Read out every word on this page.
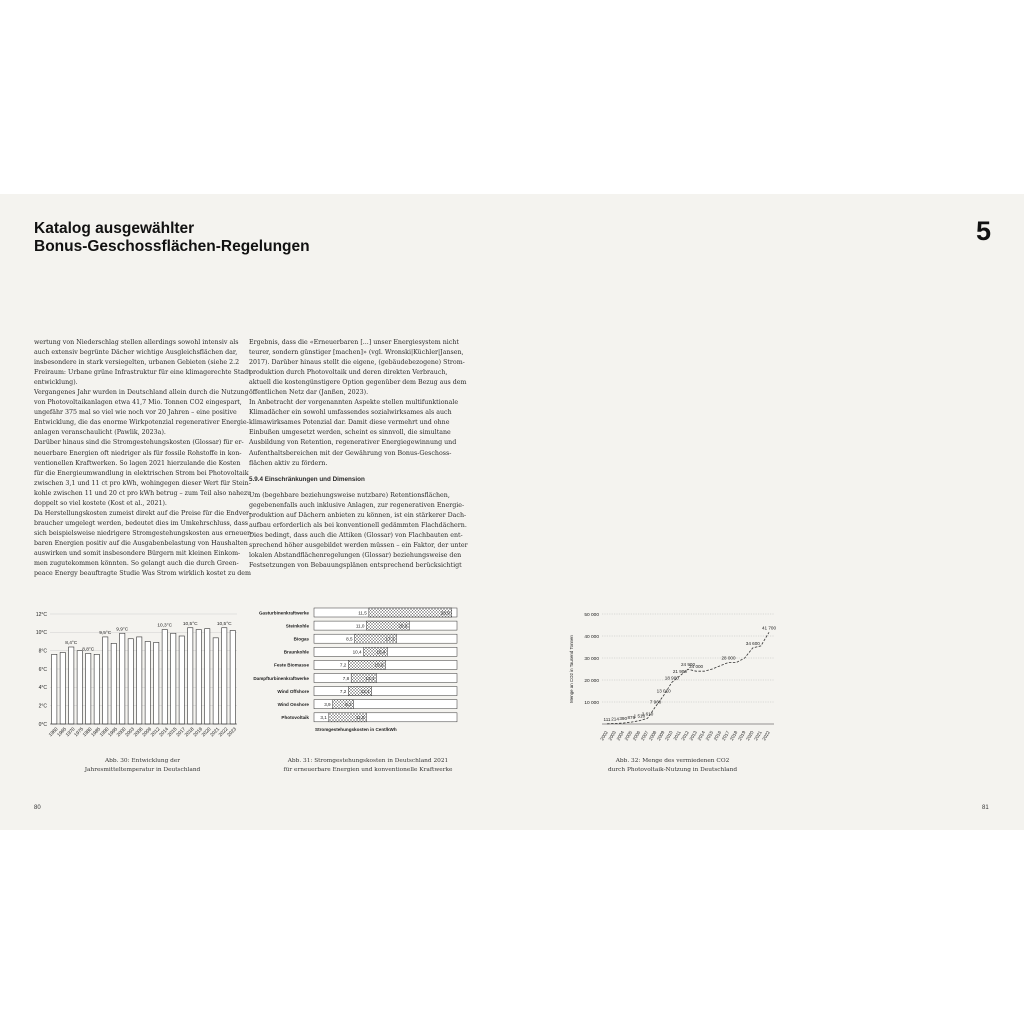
Katalog ausgewählter
Bonus-Geschossflächen-Regelungen
5

wertung von Niederschlag stellen allerdings sowohl intensiv als

auch extensiv begrünte Dächer wichtige Ausgleichsflächen dar,

insbesondere in stark versiegelten, urbanen Gebieten (siehe 2.2

Freiraum: Urbane grüne Infrastruktur für eine klimagerechte Stadt

entwicklung).

Vergangenes Jahr wurden in Deutschland allein durch die Nutzung

von Photovoltaikanlagen etwa 41,7 Mio. Tonnen CO2 eingespart,

ungefähr 375 mal so viel wie noch vor 20 Jahren – eine positive

Entwicklung, die das enorme Wirkpotenzial regenerativer Energie-

anlagen veranschaulicht (Pawlik, 2023a).

Darüber hinaus sind die Stromgestehungskosten (Glossar) für er-

neuerbare Energien oft niedriger als für fossile Rohstoffe in kon-

ventionellen Kraftwerken. So lagen 2021 hierzulande die Kosten

für die Energieumwandlung in elektrischen Strom bei Photovoltaik

zwischen 3,1 und 11 ct pro kWh, wohingegen dieser Wert für Stein-

kohle zwischen 11 und 20 ct pro kWh betrug – zum Teil also nahezu

doppelt so viel kostete (Kost et al., 2021).

Da Herstellungskosten zumeist direkt auf die Preise für die Endver-

braucher umgelegt werden, bedeutet dies im Umkehrschluss, dass

sich beispielsweise niedrigere Stromgestehungskosten aus erneuer-

baren Energien positiv auf die Ausgabenbelastung von Haushalten

auswirken und somit insbesondere Bürgern mit kleinen Einkom-

men zugutekommen könnten. So gelangt auch die durch Green-

peace Energy beauftragte Studie Was Strom wirklich kostet zu dem

Ergebnis, dass die «Erneuerbaren [...] unser Energiesystem nicht

teurer, sondern günstiger [machen]» (vgl. Wronski|Küchler|Jansen,

2017). Darüber hinaus stellt die eigene, (gebäudebezogene) Strom-

produktion durch Photovoltaik und deren direkten Verbrauch,

aktuell die kostengünstigere Option gegenüber dem Bezug aus dem

öffentlichen Netz dar (Janßen, 2023).

In Anbetracht der vorgenannten Aspekte stellen multifunktionale

Klimadächer ein sowohl umfassendes sozialwirksames als auch

klimawirksames Potenzial dar. Damit diese vermehrt und ohne

Einbußen umgesetzt werden, scheint es sinnvoll, die simultane

Ausbildung von Retention, regenerativer Energiegewinnung und

Aufenthaltsbereichen mit der Gewährung von Bonus-Geschoss-

flächen aktiv zu fördern.

5.9.4 Einschränkungen und Dimension

Um (begehbare beziehungsweise nutzbare) Retentionsflächen,

gegebenenfalls auch inklusive Anlagen, zur regenerativen Energie-

produktion auf Dächern anbieten zu können, ist ein stärkerer Dach-

aufbau erforderlich als bei konventionell gedämmten Flachdächern.

Dies bedingt, dass auch die Attiken (Glossar) von Flachbauten ent-

sprechend höher ausgebildet werden müssen – ein Faktor, der unter

lokalen Abstandflächenregelungen (Glossar) beziehungsweise den

Festsetzungen von Bebauungsplänen entsprechend berücksichtigt

0°C
2°C
4°C
6°C
8°C
10°C
12°C
1960
1965
1970
1975
1980
1985
1990
1995
2000
2003
2006
2009
2012
2014
2015
2017
2018
2019
2020
2021
2022
2023
8,4°C
8,8°C
9,5°C
9,9°C
10,3°C 10,5°C	10,5°C
Gasturbinenkraftwerke	11,5	28,9
Steinkohle	11,0	20,0
Biogas	8,5	17,3
Braunkohle	10,4	15,4
Feste Biomasse	7,2	15,0
Dampfturbinenkraftwerke	7,8	13,1
Wind Offshore	7,2	12,1
Wind Onshore	3,9	8,3
Photovoltaik 3,1	11,0
Stromgestehungskosten in Cent/kWh
10 000
20 000
30 000
40 000
50 000
Menge an CO2 in Tausend Tonnen
111
2002
214
2003
390
2004
876
2005
1 510
2006
2 610
2007
7 960
2008
13 010
2009
18 900
2010
21 900
2011
24 900
2012
24 000
2013
2014
2015
2016
28 000
2017
2018
2019
34 600
2020
2021
41 700
2022

Abb. 30: Entwicklung der

Jahresmitteltemperatur in Deutschland

Abb. 31: Stromgestehungskosten in Deutschland 2021

für erneuerbare Energien und konventionelle Kraftwerke

Abb. 32: Menge des vermiedenen CO2

durch Photovoltaik-Nutzung in Deutschland

80	81
